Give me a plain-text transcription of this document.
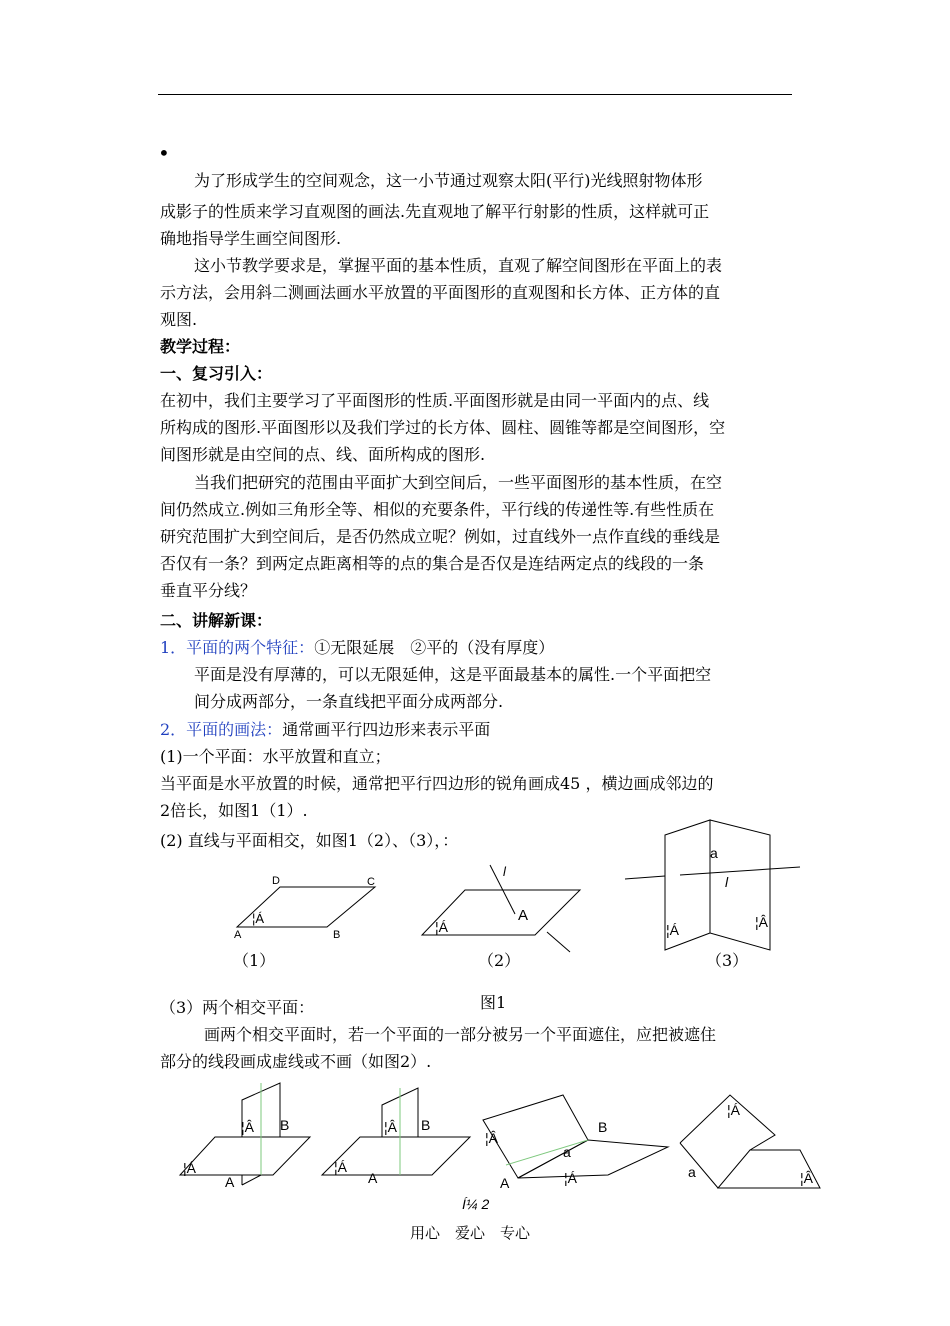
•
为了形成学生的空间观念，这一小节通过观察太阳(平行)光线照射物体形
成影子的性质来学习直观图的画法.先直观地了解平行射影的性质，这样就可正
确地指导学生画空间图形.
这小节教学要求是，掌握平面的基本性质，直观了解空间图形在平面上的表
示方法，会用斜二测画法画水平放置的平面图形的直观图和长方体、正方体的直
观图.
教学过程：
一、复习引入：
在初中，我们主要学习了平面图形的性质.平面图形就是由同一平面内的点、线
所构成的图形.平面图形以及我们学过的长方体、圆柱、圆锥等都是空间图形，空
间图形就是由空间的点、线、面所构成的图形.
当我们把研究的范围由平面扩大到空间后，一些平面图形的基本性质，在空
间仍然成立.例如三角形全等、相似的充要条件，平行线的传递性等.有些性质在
研究范围扩大到空间后，是否仍然成立呢？例如，过直线外一点作直线的垂线是
否仅有一条？到两定点距离相等的点的集合是否仅是连结两定点的线段的一条
垂直平分线？
二、讲解新课：
1．平面的两个特征：①无限延展　②平的（没有厚度）
平面是没有厚薄的，可以无限延伸，这是平面最基本的属性.一个平面把空
间分成两部分，一条直线把平面分成两部分.
2．平面的画法：通常画平行四边形来表示平面
(1)一个平面：水平放置和直立；
当平面是水平放置的时候，通常把平行四边形的锐角画成45 ，横边画成邻边的
2倍长，如图1（1）.
(2) 直线与平面相交，如图1（2）、（3），：
D	C
A	B
¦Á
l
A
¦Á
a
l
¦Á	¦Â
（1）	（2）	（3）
图1
（3）两个相交平面：
画两个相交平面时，若一个平面的一部分被另一个平面遮住，应把被遮住
部分的线段画成虚线或不画（如图2）.
¦Â B
¦Á
A
¦Â B
¦Á
A
¦Â
B
a
A	¦Á
¦Á
a	¦Â
Í¼ 2
用心　爱心　专心
